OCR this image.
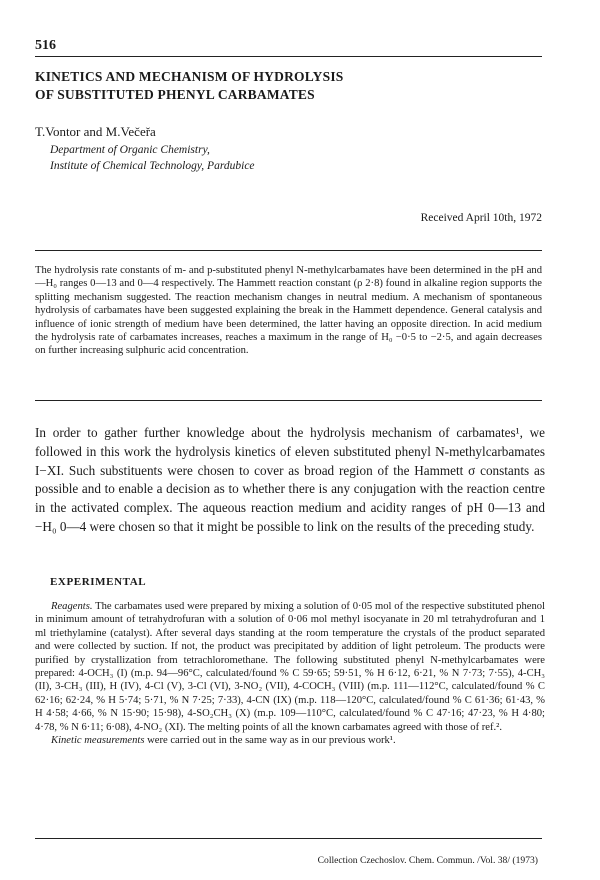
516
KINETICS AND MECHANISM OF HYDROLYSIS
OF SUBSTITUTED PHENYL CARBAMATES
T.Vontor and M.Večeřa
Department of Organic Chemistry,
Institute of Chemical Technology, Pardubice
Received April 10th, 1972
The hydrolysis rate constants of m- and p-substituted phenyl N-methylcarbamates have been determined in the pH and —H₀ ranges 0—13 and 0—4 respectively. The Hammett reaction constant (ρ 2·8) found in alkaline region supports the splitting mechanism suggested. The reaction mechanism changes in neutral medium. A mechanism of spontaneous hydrolysis of carbamates have been suggested explaining the break in the Hammett dependence. General catalysis and influence of ionic strength of medium have been determined, the latter having an opposite direction. In acid medium the hydrolysis rate of carbamates increases, reaches a maximum in the range of H₀ −0·5 to −2·5, and again decreases on further increasing sulphuric acid concentration.
In order to gather further knowledge about the hydrolysis mechanism of carbamates¹, we followed in this work the hydrolysis kinetics of eleven substituted phenyl N-methylcarbamates I−XI. Such substituents were chosen to cover as broad region of the Hammett σ constants as possible and to enable a decision as to whether there is any conjugation with the reaction centre in the activated complex. The aqueous reaction medium and acidity ranges of pH 0—13 and −H₀ 0—4 were chosen so that it might be possible to link on the results of the preceding study.
EXPERIMENTAL

Reagents. The carbamates used were prepared by mixing a solution of 0·05 mol of the respective substituted phenol in minimum amount of tetrahydrofuran with a solution of 0·06 mol methyl isocyanate in 20 ml tetrahydrofuran and 1 ml triethylamine (catalyst). After several days standing at the room temperature the crystals of the product separated and were collected by suction. If not, the product was precipitated by addition of light petroleum. The products were purified by crystallization from tetrachloromethane. The following substituted phenyl N-methylcarbamates were prepared: 4-OCH₃ (I) (m.p. 94—96°C, calculated/found % C 59·65; 59·51, % H 6·12, 6·21, % N 7·73; 7·55), 4-CH₃ (II), 3-CH₃ (III), H (IV), 4-Cl (V), 3-Cl (VI), 3-NO₂ (VII), 4-COCH₃ (VIII) (m.p. 111—112°C, calculated/found % C 62·16; 62·24, % H 5·74; 5·71, % N 7·25; 7·33), 4-CN (IX) (m.p. 118—120°C, calculated/found % C 61·36; 61·43, % H 4·58; 4·66, % N 15·90; 15·98), 4-SO₂CH₃ (X) (m.p. 109—110°C, calculated/found % C 47·16; 47·23, % H 4·80; 4·78, % N 6·11; 6·08), 4-NO₂ (XI). The melting points of all the known carbamates agreed with those of ref.².

Kinetic measurements were carried out in the same way as in our previous work¹.

Collection Czechoslov. Chem. Commun. /Vol. 38/ (1973)
